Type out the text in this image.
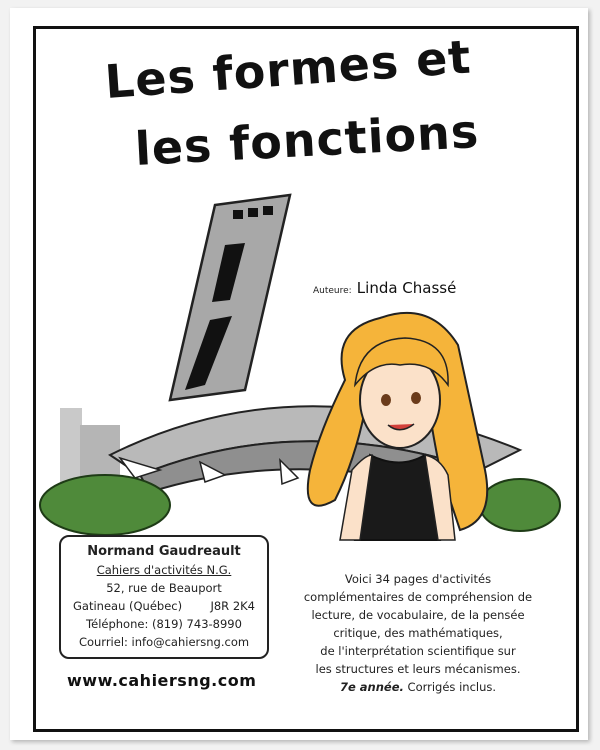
Les formes et
les fonctions
Auteure: Linda Chassé
Normand Gaudreault
Cahiers d'activités N.G.
52, rue de Beauport
Gatineau (Québec) J8R 2K4
Téléphone: (819) 743-8990
Courriel: info@cahiersng.com
www.cahiersng.com
Voici 34 pages d'activités
complémentaires de compréhension de
lecture, de vocabulaire, de la pensée
critique, des mathématiques,
de l'interprétation scientifique sur
les structures et leurs mécanismes.
7e année. Corrigés inclus.
